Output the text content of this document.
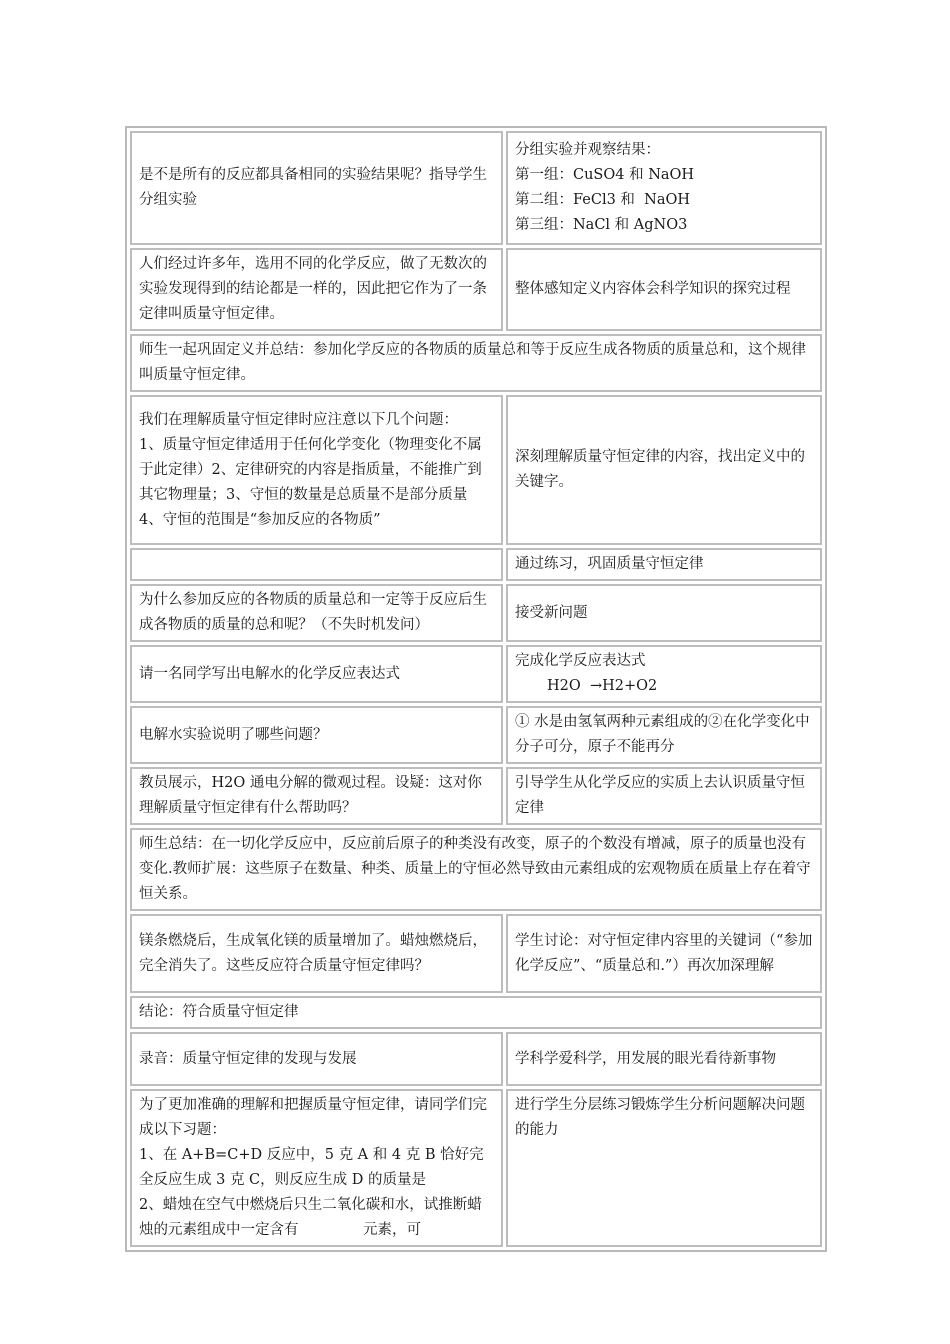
是不是所有的反应都具备相同的实验结果呢？指导学生分组实验	分组实验并观察结果：
第一组：CuSO4 和 NaOH
第二组：FeCl3 和  NaOH
第三组：NaCl 和 AgNO3

人们经过许多年，选用不同的化学反应，做了无数次的实验发现得到的结论都是一样的，因此把它作为了一条定律叫质量守恒定律。	整体感知定义内容体会科学知识的探究过程

师生一起巩固定义并总结：参加化学反应的各物质的质量总和等于反应生成各物质的质量总和，这个规律叫质量守恒定律。	

我们在理解质量守恒定律时应注意以下几个问题：
1、质量守恒定律适用于任何化学变化（物理变化不属于此定律）2、定律研究的内容是指质量，不能推广到其它物理量；3、守恒的数量是总质量不是部分质量  4、守恒的范围是“参加反应的各物质”	深刻理解质量守恒定律的内容，找出定义中的关键字。

	通过练习，巩固质量守恒定律

为什么参加反应的各物质的质量总和一定等于反应后生成各物质的质量的总和呢？（不失时机发问）	接受新问题

请一名同学写出电解水的化学反应表达式	完成化学反应表达式
H2O  →H2+O2

电解水实验说明了哪些问题？	① 水是由氢氧两种元素组成的②在化学变化中分子可分，原子不能再分

教员展示，H2O 通电分解的微观过程。设疑：这对你理解质量守恒定律有什么帮助吗？	引导学生从化学反应的实质上去认识质量守恒定律

师生总结：在一切化学反应中，反应前后原子的种类没有改变，原子的个数没有增减，原子的质量也没有变化.教师扩展：这些原子在数量、种类、质量上的守恒必然导致由元素组成的宏观物质在质量上存在着守恒关系。	

镁条燃烧后，生成氧化镁的质量增加了。蜡烛燃烧后，完全消失了。这些反应符合质量守恒定律吗？	学生讨论：对守恒定律内容里的关键词（“参加化学反应”、“质量总和.”）再次加深理解

结论：符合质量守恒定律	

录音：质量守恒定律的发现与发展	学科学爱科学，用发展的眼光看待新事物

为了更加准确的理解和把握质量守恒定律，请同学们完成以下习题：
1、在 A+B=C+D 反应中，5 克 A 和 4 克 B 恰好完全反应生成 3 克 C，则反应生成 D 的质量是
2、蜡烛在空气中燃烧后只生二氧化碳和水，试推断蜡烛的元素组成中一定含有              元素，可	进行学生分层练习锻炼学生分析问题解决问题的能力
